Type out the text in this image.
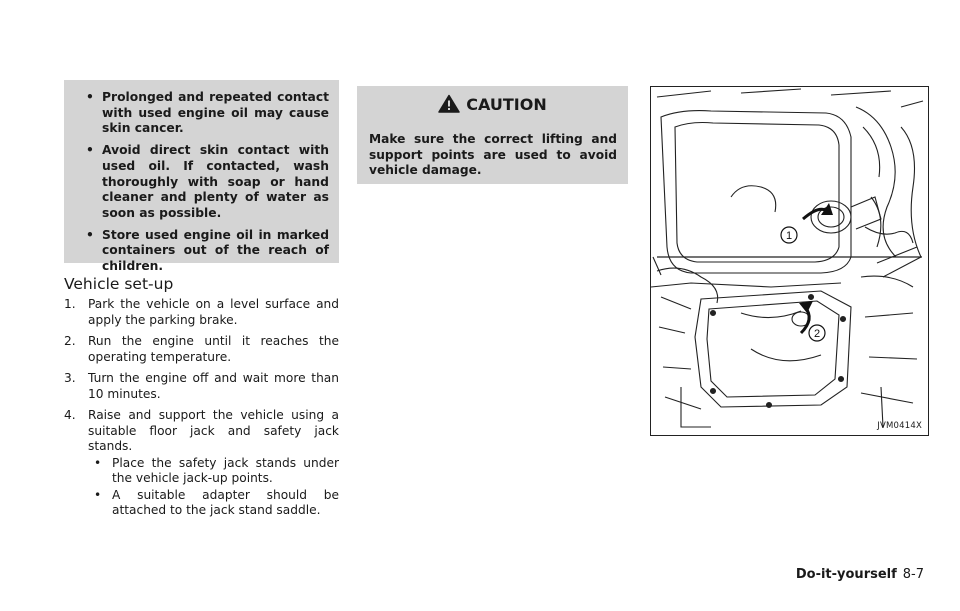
• Prolonged and repeated contact with used engine oil may cause skin cancer.
• Avoid direct skin contact with used oil. If contacted, wash thoroughly with soap or hand cleaner and plenty of water as soon as possible.
• Store used engine oil in marked containers out of the reach of children.
Vehicle set-up
1. Park the vehicle on a level surface and apply the parking brake.
2. Run the engine until it reaches the operating temperature.
3. Turn the engine off and wait more than 10 minutes.
4. Raise and support the vehicle using a suitable floor jack and safety jack stands.
• Place the safety jack stands under the vehicle jack-up points.
• A suitable adapter should be attached to the jack stand saddle.
CAUTION
Make sure the correct lifting and support points are used to avoid vehicle damage.
1
2
JVM0414X
Do-it-yourself 8-7
